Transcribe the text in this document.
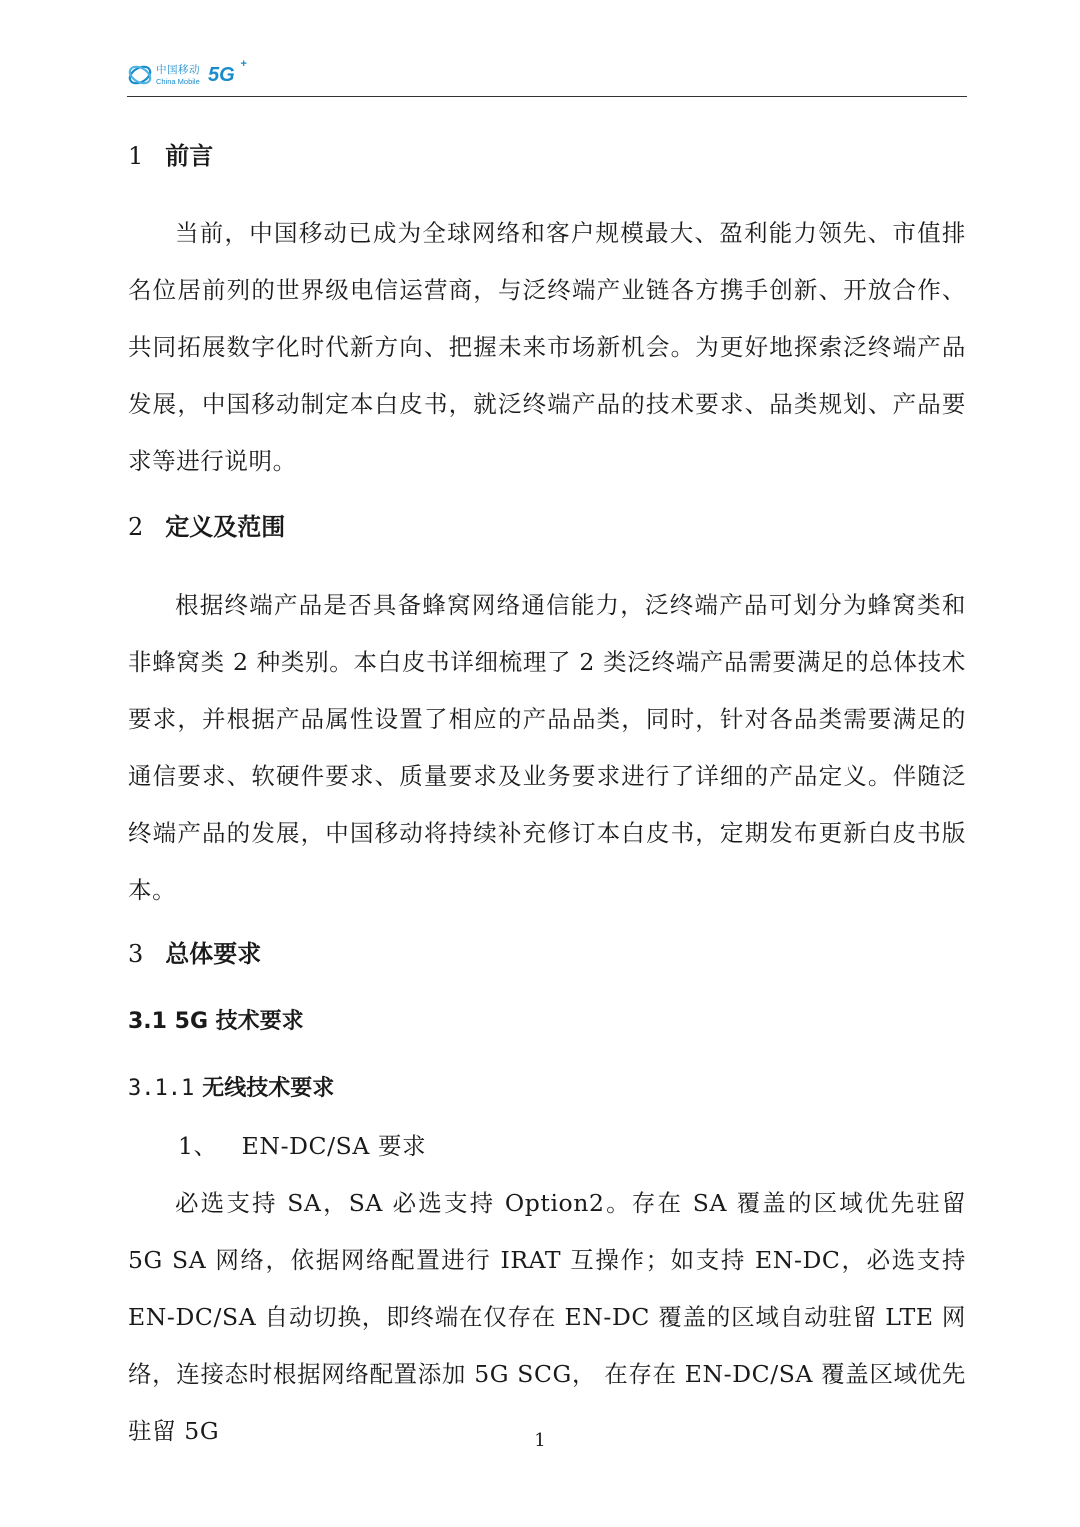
中国移动
China Mobile 5G +
1 前言
当前，中国移动已成为全球网络和客户规模最大、盈利能力领先、市值排名位居前列的世界级电信运营商，与泛终端产业链各方携手创新、开放合作、共同拓展数字化时代新方向、把握未来市场新机会。为更好地探索泛终端产品发展，中国移动制定本白皮书，就泛终端产品的技术要求、品类规划、产品要求等进行说明。
2 定义及范围
根据终端产品是否具备蜂窝网络通信能力，泛终端产品可划分为蜂窝类和非蜂窝类 2 种类别。本白皮书详细梳理了 2 类泛终端产品需要满足的总体技术要求，并根据产品属性设置了相应的产品品类，同时，针对各品类需要满足的通信要求、软硬件要求、质量要求及业务要求进行了详细的产品定义。伴随泛终端产品的发展，中国移动将持续补充修订本白皮书，定期发布更新白皮书版本。
3 总体要求
3.1 5G 技术要求
3.1.1 无线技术要求
1、 EN-DC/SA 要求
必选支持 SA，SA 必选支持 Option2。存在 SA 覆盖的区域优先驻留 5G SA 网络，依据网络配置进行 IRAT 互操作；如支持 EN-DC，必选支持 EN-DC/SA 自动切换，即终端在仅存在 EN-DC 覆盖的区域自动驻留 LTE 网络，连接态时根据网络配置添加 5G SCG， 在存在 EN-DC/SA 覆盖区域优先驻留 5G	1
